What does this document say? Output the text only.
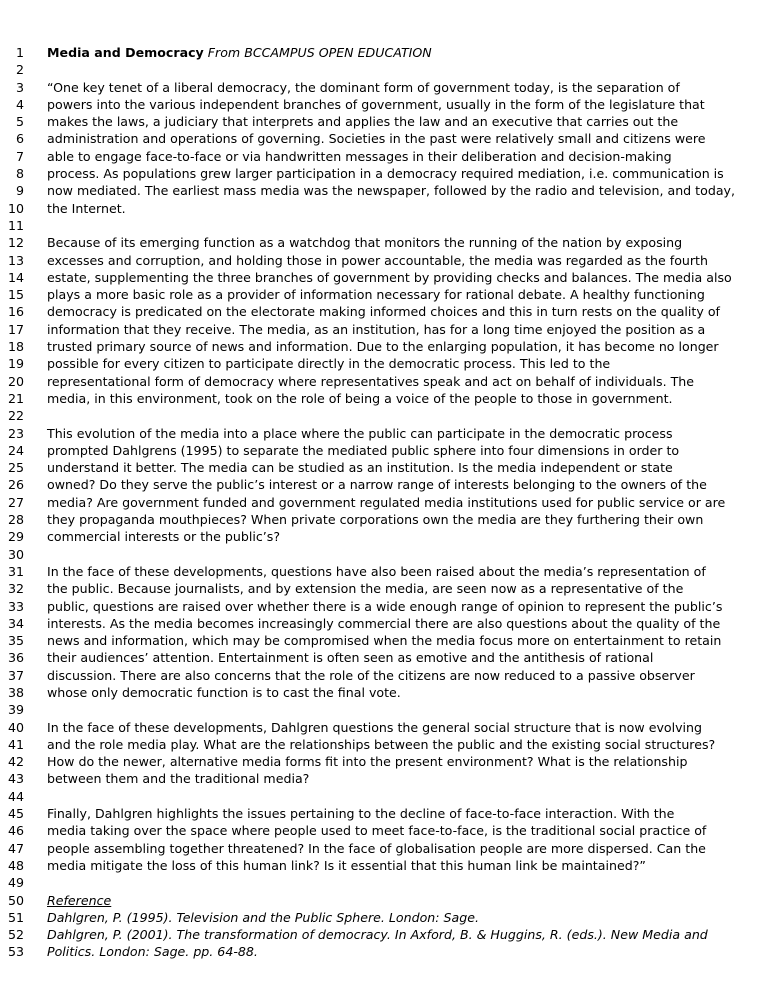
1 Media and Democracy From BCCAMPUS OPEN EDUCATION
2
3 “One key tenet of a liberal democracy, the dominant form of government today, is the separation of
4 powers into the various independent branches of government, usually in the form of the legislature that
5 makes the laws, a judiciary that interprets and applies the law and an executive that carries out the
6 administration and operations of governing. Societies in the past were relatively small and citizens were
7 able to engage face-to-face or via handwritten messages in their deliberation and decision-making
8 process. As populations grew larger participation in a democracy required mediation, i.e. communication is
9 now mediated. The earliest mass media was the newspaper, followed by the radio and television, and today,
10 the Internet.
11
12 Because of its emerging function as a watchdog that monitors the running of the nation by exposing
13 excesses and corruption, and holding those in power accountable, the media was regarded as the fourth
14 estate, supplementing the three branches of government by providing checks and balances. The media also
15 plays a more basic role as a provider of information necessary for rational debate. A healthy functioning
16 democracy is predicated on the electorate making informed choices and this in turn rests on the quality of
17 information that they receive. The media, as an institution, has for a long time enjoyed the position as a
18 trusted primary source of news and information. Due to the enlarging population, it has become no longer
19 possible for every citizen to participate directly in the democratic process. This led to the
20 representational form of democracy where representatives speak and act on behalf of individuals. The
21 media, in this environment, took on the role of being a voice of the people to those in government.
22
23 This evolution of the media into a place where the public can participate in the democratic process
24 prompted Dahlgrens (1995) to separate the mediated public sphere into four dimensions in order to
25 understand it better. The media can be studied as an institution. Is the media independent or state
26 owned? Do they serve the public’s interest or a narrow range of interests belonging to the owners of the
27 media? Are government funded and government regulated media institutions used for public service or are
28 they propaganda mouthpieces? When private corporations own the media are they furthering their own
29 commercial interests or the public’s?
30
31 In the face of these developments, questions have also been raised about the media’s representation of
32 the public. Because journalists, and by extension the media, are seen now as a representative of the
33 public, questions are raised over whether there is a wide enough range of opinion to represent the public’s
34 interests. As the media becomes increasingly commercial there are also questions about the quality of the
35 news and information, which may be compromised when the media focus more on entertainment to retain
36 their audiences’ attention. Entertainment is often seen as emotive and the antithesis of rational
37 discussion. There are also concerns that the role of the citizens are now reduced to a passive observer
38 whose only democratic function is to cast the final vote.
39
40 In the face of these developments, Dahlgren questions the general social structure that is now evolving
41 and the role media play. What are the relationships between the public and the existing social structures?
42 How do the newer, alternative media forms fit into the present environment? What is the relationship
43 between them and the traditional media?
44
45 Finally, Dahlgren highlights the issues pertaining to the decline of face-to-face interaction. With the
46 media taking over the space where people used to meet face-to-face, is the traditional social practice of
47 people assembling together threatened? In the face of globalisation people are more dispersed. Can the
48 media mitigate the loss of this human link? Is it essential that this human link be maintained?”
49
50 Reference
51 Dahlgren, P. (1995). Television and the Public Sphere. London: Sage.
52 Dahlgren, P. (2001). The transformation of democracy. In Axford, B. & Huggins, R. (eds.). New Media and
53 Politics. London: Sage. pp. 64-88.
